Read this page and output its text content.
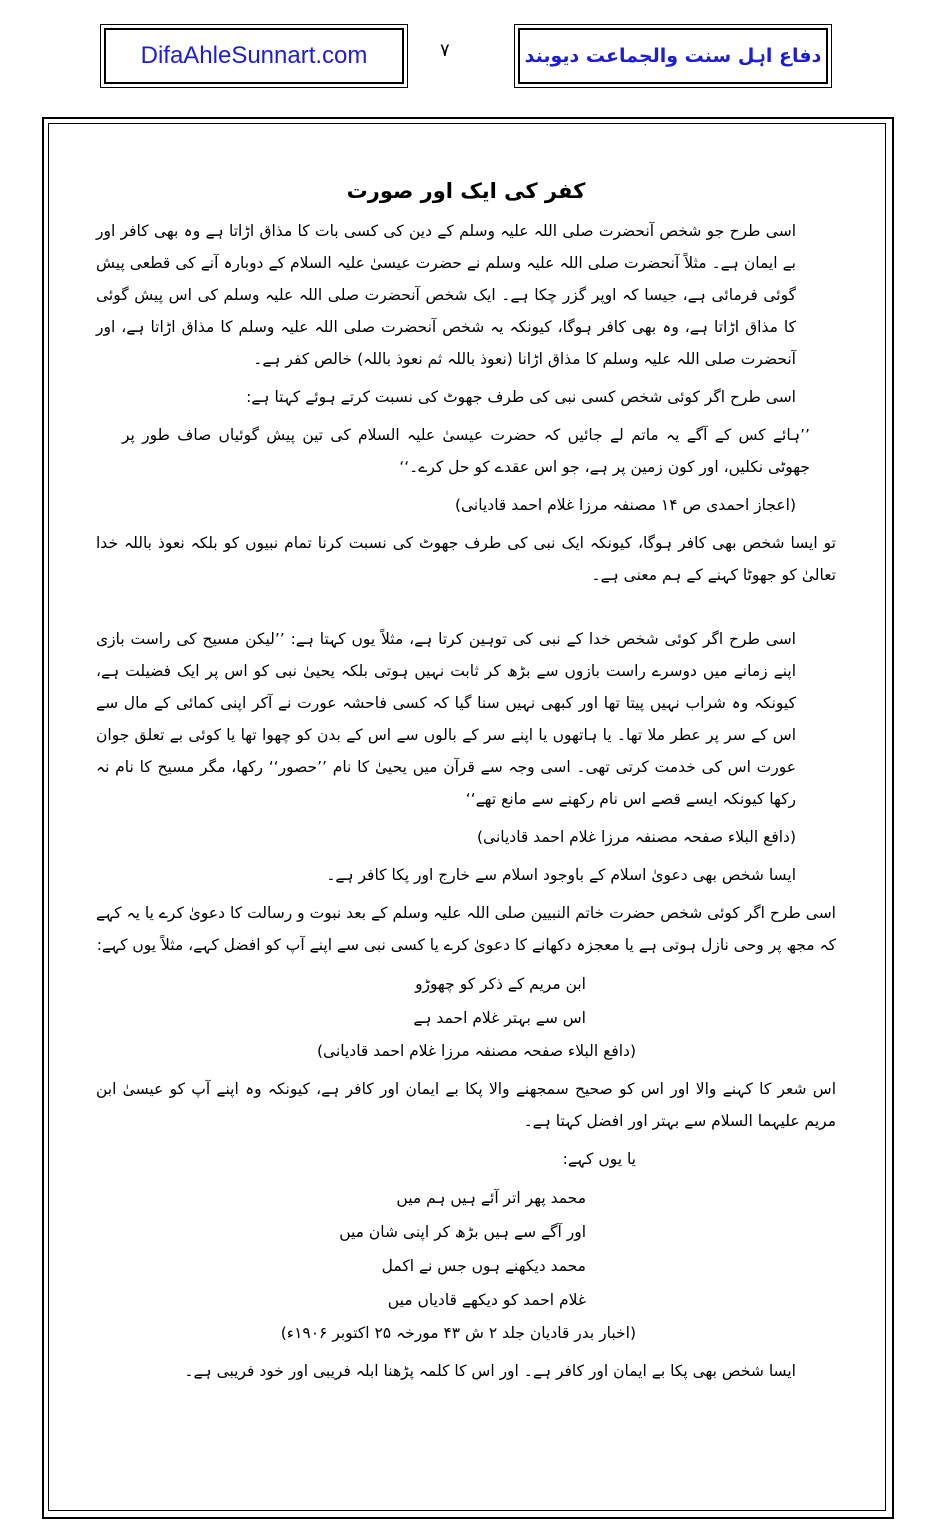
DifaAhleSunnart.com	۷	دفاع اہل سنت والجماعت دیوبند
کفر کی ایک اور صورت

اسی طرح جو شخص آنحضرت صلی اللہ علیہ وسلم کے دین کی کسی بات کا مذاق اڑاتا ہے وہ بھی کافر اور بے ایمان ہے۔ مثلاً آنحضرت صلی اللہ علیہ وسلم نے حضرت عیسیٰ علیہ السلام کے دوبارہ آنے کی قطعی پیش گوئی فرمائی ہے، جیسا کہ اوپر گزر چکا ہے۔ ایک شخص آنحضرت صلی اللہ علیہ وسلم کی اس پیش گوئی کا مذاق اڑاتا ہے، وہ بھی کافر ہوگا، کیونکہ یہ شخص آنحضرت صلی اللہ علیہ وسلم کا مذاق اڑاتا ہے، اور آنحضرت صلی اللہ علیہ وسلم کا مذاق اڑانا (نعوذ باللہ ثم نعوذ باللہ) خالص کفر ہے۔

اسی طرح اگر کوئی شخص کسی نبی کی طرف جھوٹ کی نسبت کرتے ہوئے کہتا ہے:

’’ہائے کس کے آگے یہ ماتم لے جائیں کہ حضرت عیسیٰ علیہ السلام کی تین پیش گوئیاں صاف طور پر جھوٹی نکلیں، اور کون زمین پر ہے، جو اس عقدے کو حل کرے۔‘‘

(اعجاز احمدی ص ۱۴ مصنفہ مرزا غلام احمد قادیانی)

تو ایسا شخص بھی کافر ہوگا، کیونکہ ایک نبی کی طرف جھوٹ کی نسبت کرنا تمام نبیوں کو بلکہ نعوذ باللہ خدا تعالیٰ کو جھوٹا کہنے کے ہم معنی ہے۔

اسی طرح اگر کوئی شخص خدا کے نبی کی توہین کرتا ہے، مثلاً یوں کہتا ہے: ’’لیکن مسیح کی راست بازی اپنے زمانے میں دوسرے راست بازوں سے بڑھ کر ثابت نہیں ہوتی بلکہ یحییٰ نبی کو اس پر ایک فضیلت ہے، کیونکہ وہ شراب نہیں پیتا تھا اور کبھی نہیں سنا گیا کہ کسی فاحشہ عورت نے آکر اپنی کمائی کے مال سے اس کے سر پر عطر ملا تھا۔ یا ہاتھوں یا اپنے سر کے بالوں سے اس کے بدن کو چھوا تھا یا کوئی بے تعلق جوان عورت اس کی خدمت کرتی تھی۔ اسی وجہ سے قرآن میں یحییٰ کا نام ’’حصور‘‘ رکھا، مگر مسیح کا نام نہ رکھا کیونکہ ایسے قصے اس نام رکھنے سے مانع تھے‘‘

(دافع البلاء صفحہ مصنفہ مرزا غلام احمد قادیانی)

ایسا شخص بھی دعویٰ اسلام کے باوجود اسلام سے خارج اور پکا کافر ہے۔

اسی طرح اگر کوئی شخص حضرت خاتم النبیین صلی اللہ علیہ وسلم کے بعد نبوت و رسالت کا دعویٰ کرے یا یہ کہے کہ مجھ پر وحی نازل ہوتی ہے یا معجزہ دکھانے کا دعویٰ کرے یا کسی نبی سے اپنے آپ کو افضل کہے، مثلاً یوں کہے:

ابن مریم کے ذکر کو چھوڑو
اس سے بہتر غلام احمد ہے

(دافع البلاء صفحہ مصنفہ مرزا غلام احمد قادیانی)

اس شعر کا کہنے والا اور اس کو صحیح سمجھنے والا پکا بے ایمان اور کافر ہے، کیونکہ وہ اپنے آپ کو عیسیٰ ابن مریم علیہما السلام سے بہتر اور افضل کہتا ہے۔

یا یوں کہے:

محمد پھر اتر آئے ہیں ہم میں
اور آگے سے ہیں بڑھ کر اپنی شان میں
محمد دیکھنے ہوں جس نے اکمل
غلام احمد کو دیکھے قادیاں میں

(اخبار بدر قادیان جلد ۲ ش ۴۳ مورخہ ۲۵ اکتوبر ۱۹۰۶ء)

ایسا شخص بھی پکا بے ایمان اور کافر ہے۔ اور اس کا کلمہ پڑھنا ابلہ فریبی اور خود فریبی ہے۔
